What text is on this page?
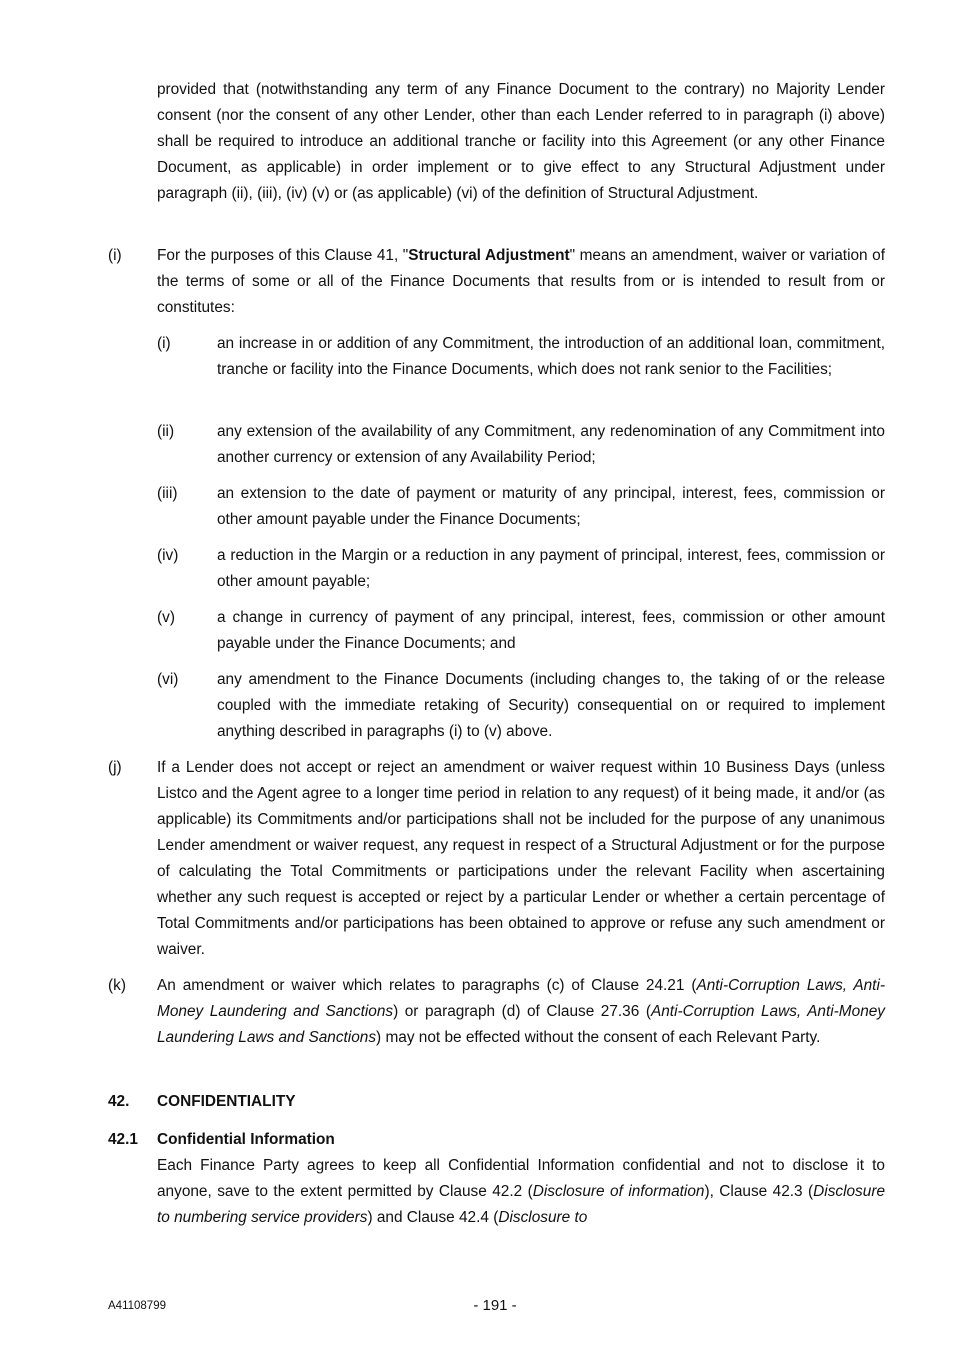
provided that (notwithstanding any term of any Finance Document to the contrary) no Majority Lender consent (nor the consent of any other Lender, other than each Lender referred to in paragraph (i) above) shall be required to introduce an additional tranche or facility into this Agreement (or any other Finance Document, as applicable) in order implement or to give effect to any Structural Adjustment under paragraph (ii), (iii), (iv) (v) or (as applicable) (vi) of the definition of Structural Adjustment.

(i) For the purposes of this Clause 41, "Structural Adjustment" means an amendment, waiver or variation of the terms of some or all of the Finance Documents that results from or is intended to result from or constitutes:
(i)	an increase in or addition of any Commitment, the introduction of an additional loan, commitment, tranche or facility into the Finance Documents, which does not rank senior to the Facilities;
(ii)	any extension of the availability of any Commitment, any redenomination of any Commitment into another currency or extension of any Availability Period;
(iii)	an extension to the date of payment or maturity of any principal, interest, fees, commission or other amount payable under the Finance Documents;
(iv)	a reduction in the Margin or a reduction in any payment of principal, interest, fees, commission or other amount payable;
(v)	a change in currency of payment of any principal, interest, fees, commission or other amount payable under the Finance Documents; and
(vi)	any amendment to the Finance Documents (including changes to, the taking of or the release coupled with the immediate retaking of Security) consequential on or required to implement anything described in paragraphs (i) to (v) above.
(j) If a Lender does not accept or reject an amendment or waiver request within 10 Business Days (unless Listco and the Agent agree to a longer time period in relation to any request) of it being made, it and/or (as applicable) its Commitments and/or participations shall not be included for the purpose of any unanimous Lender amendment or waiver request, any request in respect of a Structural Adjustment or for the purpose of calculating the Total Commitments or participations under the relevant Facility when ascertaining whether any such request is accepted or reject by a particular Lender or whether a certain percentage of Total Commitments and/or participations has been obtained to approve or refuse any such amendment or waiver.
(k) An amendment or waiver which relates to paragraphs (c) of Clause 24.21 (Anti-Corruption Laws, Anti-Money Laundering and Sanctions) or paragraph (d) of Clause 27.36 (Anti-Corruption Laws, Anti-Money Laundering Laws and Sanctions) may not be effected without the consent of each Relevant Party.
42. CONFIDENTIALITY
42.1 Confidential Information
Each Finance Party agrees to keep all Confidential Information confidential and not to disclose it to anyone, save to the extent permitted by Clause 42.2 (Disclosure of information), Clause 42.3 (Disclosure to numbering service providers) and Clause 42.4 (Disclosure to
A41108799	- 191 -
